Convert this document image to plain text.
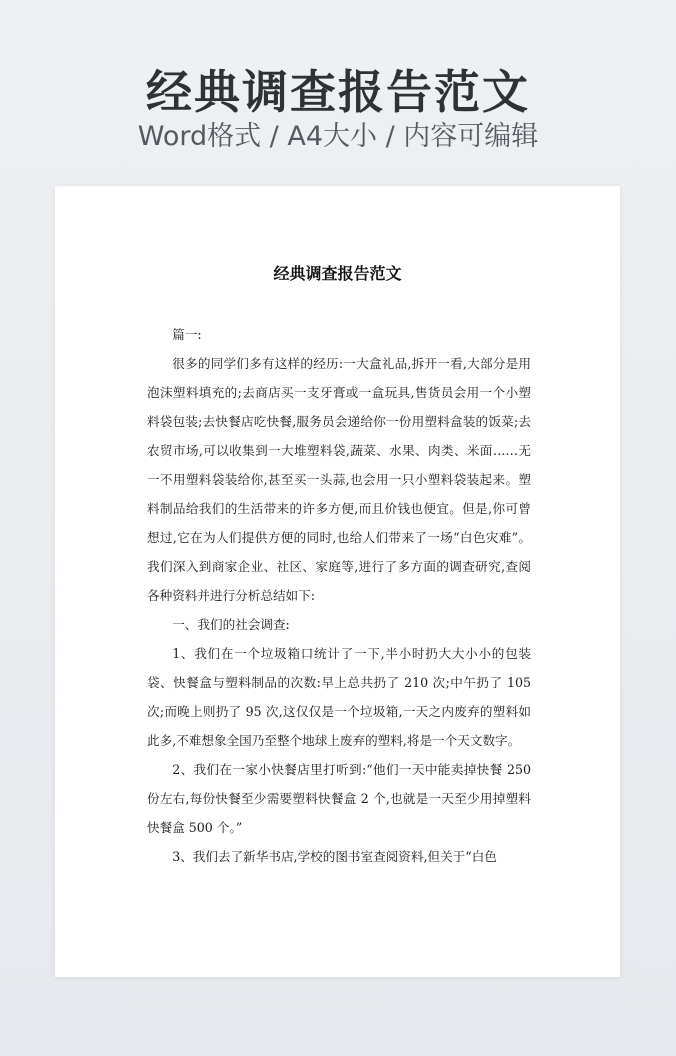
经典调查报告范文
Word格式 / A4大小 / 内容可编辑
经典调查报告范文

篇一:

很多的同学们多有这样的经历:一大盒礼品,拆开一看,大部分是用泡沫塑料填充的;去商店买一支牙膏或一盒玩具,售货员会用一个小塑料袋包装;去快餐店吃快餐,服务员会递给你一份用塑料盒装的饭菜;去农贸市场,可以收集到一大堆塑料袋,蔬菜、水果、肉类、米面……无一不用塑料袋装给你,甚至买一头蒜,也会用一只小塑料袋装起来。塑料制品给我们的生活带来的许多方便,而且价钱也便宜。但是,你可曾想过,它在为人们提供方便的同时,也给人们带来了一场“白色灾难”。我们深入到商家企业、社区、家庭等,进行了多方面的调查研究,查阅各种资料并进行分析总结如下:

一、我们的社会调查:

1、我们在一个垃圾箱口统计了一下,半小时扔大大小小的包装袋、快餐盒与塑料制品的次数:早上总共扔了 210 次;中午扔了 105 次;而晚上则扔了 95 次,这仅仅是一个垃圾箱,一天之内废弃的塑料如此多,不难想象全国乃至整个地球上废弃的塑料,将是一个天文数字。

2、我们在一家小快餐店里打听到:“他们一天中能卖掉快餐 250 份左右,每份快餐至少需要塑料快餐盒 2 个,也就是一天至少用掉塑料快餐盒 500 个。”

3、我们去了新华书店,学校的图书室查阅资料,但关于“白色
